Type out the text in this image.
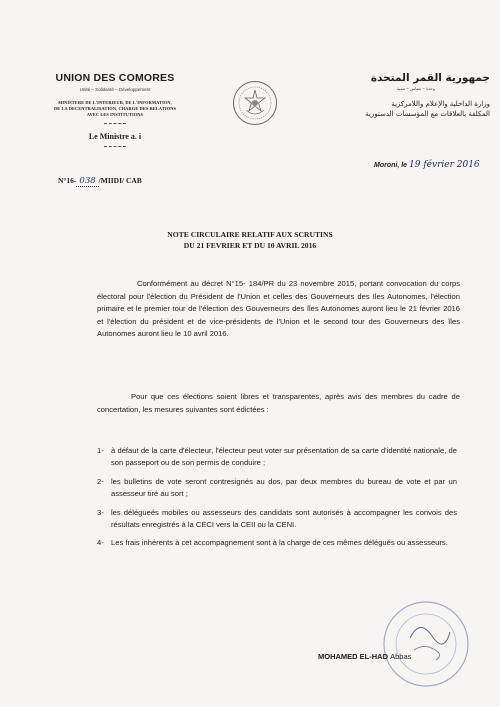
UNION DES COMORES
Unité – Solidarité – Développement
MINISTERE DE L'INTERIEUR, DE L'INFORMATION,
DE LA DECENTRALISATION, CHARGE DES RELATIONS
AVEC LES INSTITUTIONS
Le Ministre a. i
N°16- 038 /MIIDI/ CAB
جمهورية القمر المتحدة
وحدة – تضامن – تنمية
وزارة الداخلية والإعلام واللامركزية
المكلفة بالعلاقات مع المؤسسات الدستورية
Moroni, le 19 février 2016
NOTE CIRCULAIRE RELATIF AUX SCRUTINS
DU 21 FEVRIER ET DU 10 AVRIL 2016
Conformément au décret N°15- 184/PR du 23 novembre 2015, portant convocation du corps électoral pour l'élection du Président de l'Union et celles des Gouverneurs des Iles Autonomes, l'élection primaire et le premier tour de l'élection des Gouverneurs des îles Autonomes auront lieu le 21 février 2016 et l'élection du président et de vice-présidents de l'Union et le second tour des Gouverneurs des îles Autonomes auront lieu le 10 avril 2016.
Pour que ces élections soient libres et transparentes, après avis des membres du cadre de concertation, les mesures suivantes sont édictées :
1- à défaut de la carte d'électeur, l'électeur peut voter sur présentation de sa carte d'identité nationale, de son passeport ou de son permis de conduire ;
2- les bulletins de vote seront contresignés au dos, par deux membres du bureau de vote et par un assesseur tiré au sort ;
3- les délégueés mobiles ou assesseurs des candidats sont autorisés à accompagner les convois des résultats enregistrés à la CECI vers la CEII ou la CENI.
4- Les frais inhérents à cet accompagnement sont à la charge de ces mêmes délégués ou assesseurs.
MOHAMED EL-HAD Abbas
